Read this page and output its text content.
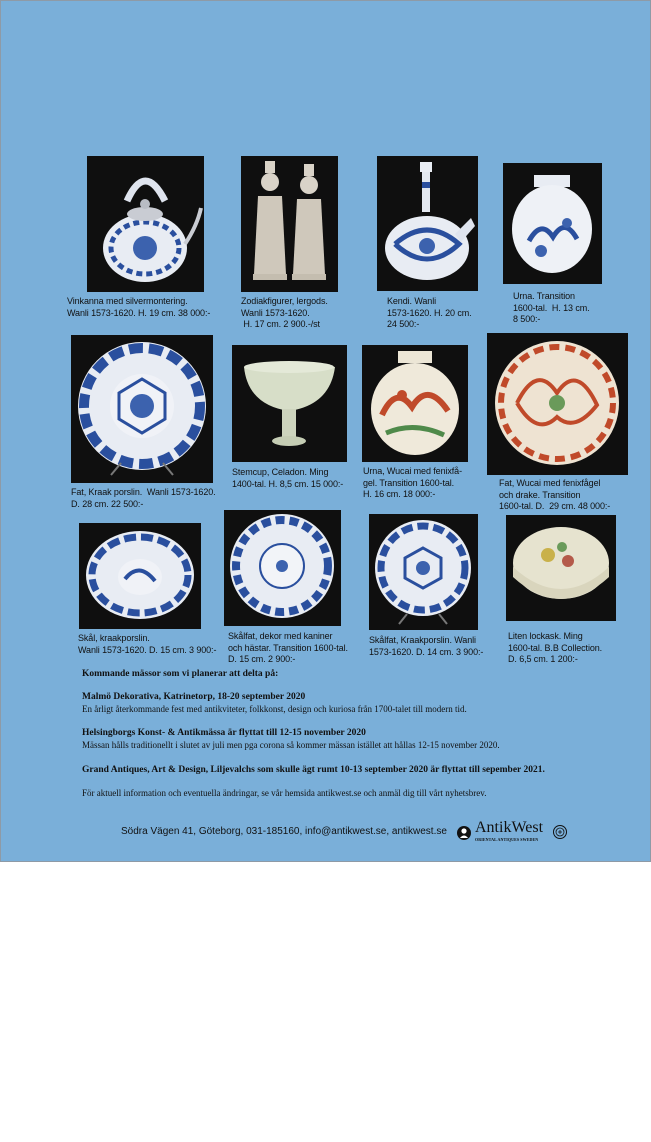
Vinkanna med silvermontering.
Wanli 1573-1620. H. 19 cm. 38 000:-
Zodiakfigurer, lergods.
Wanli 1573-1620.
H. 17 cm. 2 900.-/st
Kendi. Wanli
1573-1620. H. 20 cm.
24 500:-
Urna. Transition
1600-tal.  H. 13 cm.
8 500:-
Fat, Kraak porslin.  Wanli 1573-1620.
D. 28 cm. 22 500:-
Stemcup, Celadon. Ming
1400-tal. H. 8,5 cm. 15 000:-
Urna, Wucai med fenixfå-
gel. Transition 1600-tal.
H. 16 cm. 18 000:-
Fat, Wucai med fenixfågel
och drake. Transition
1600-tal. D.  29 cm. 48 000:-
Skål, kraakporslin.
Wanli 1573-1620. D. 15 cm. 3 900:-
Skålfat, dekor med kaniner
och hästar. Transition 1600-tal.
D. 15 cm. 2 900:-
Skålfat, Kraakporslin. Wanli
1573-1620. D. 14 cm. 3 900:-
Liten lockask. Ming
1600-tal. B.B Collection.
D. 6,5 cm. 1 200:-
Kommande mässor som vi planerar att delta på:
Malmö Dekorativa, Katrinetorp, 18-20 september 2020
En årligt återkommande fest med antikviteter, folkkonst, design och kuriosa från 1700-talet till modern tid.
Helsingborgs Konst- & Antikmässa är flyttat till 12-15 november 2020
Mässan hålls traditionellt i slutet av juli men pga corona så kommer mässan istället att hållas 12-15 november 2020.
Grand Antiques, Art & Design, Liljevalchs som skulle ägt rumt 10-13 september 2020 är flyttat till sepember 2021.
För aktuell information och eventuella ändringar, se vår hemsida antikwest.se och anmäl dig till vårt nyhetsbrev.
Södra Vägen 41, Göteborg, 031-185160, info@antikwest.se, antikwest.se AntikWest
ORIENTAL ANTIQUES SWEDEN
